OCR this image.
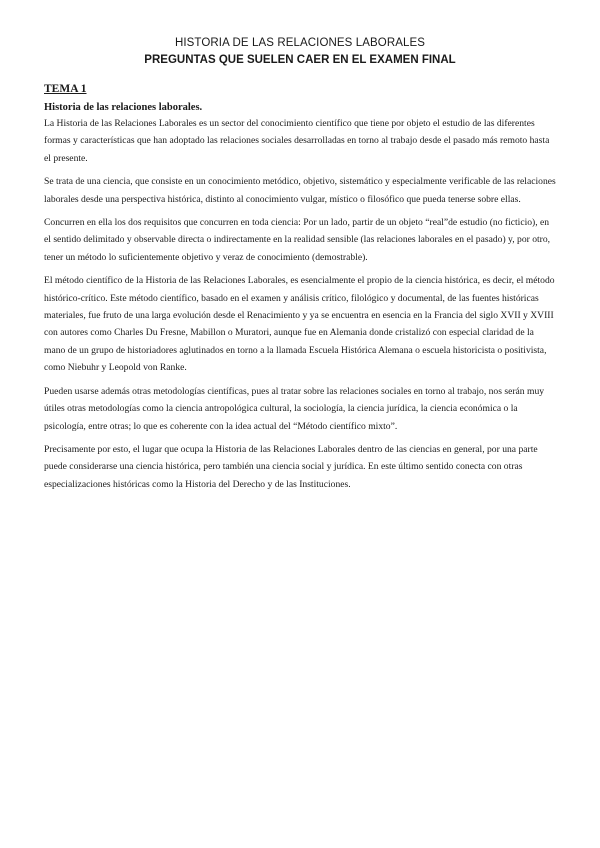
HISTORIA DE LAS RELACIONES LABORALES
PREGUNTAS QUE SUELEN CAER EN EL EXAMEN FINAL
TEMA 1
Historia de las relaciones laborales.

La Historia de las Relaciones Laborales es un sector del conocimiento científico que tiene por objeto el estudio de las diferentes formas y características que han adoptado las relaciones sociales desarrolladas en torno al trabajo desde el pasado más remoto hasta el presente.

Se trata de una ciencia, que consiste en un conocimiento metódico, objetivo, sistemático y especialmente verificable de las relaciones laborales desde una perspectiva histórica, distinto al conocimiento vulgar, místico o filosófico que pueda tenerse sobre ellas.

Concurren en ella los dos requisitos que concurren en toda ciencia: Por un lado, partir de un objeto “real”de estudio (no ficticio), en el sentido delimitado y observable directa o indirectamente en la realidad sensible (las relaciones laborales en el pasado) y, por otro, tener un método lo suficientemente objetivo y veraz de conocimiento (demostrable).

El método científico de la Historia de las Relaciones Laborales, es esencialmente el propio de la ciencia histórica, es decir, el método histórico-crítico. Este método científico, basado en el examen y análisis crítico, filológico y documental, de las fuentes históricas materiales, fue fruto de una larga evolución desde el Renacimiento y ya se encuentra en esencia en la Francia del siglo XVII y XVIII con autores como Charles Du Fresne, Mabillon o Muratori, aunque fue en Alemania donde cristalizó con especial claridad de la mano de un grupo de historiadores aglutinados en torno a la llamada Escuela Histórica Alemana o escuela historicista o positivista, como Niebuhr y Leopold von Ranke.

Pueden usarse además otras metodologías científicas, pues al tratar sobre las relaciones sociales en torno al trabajo, nos serán muy útiles otras metodologías como la ciencia antropológica cultural, la sociología, la ciencia jurídica, la ciencia económica o la psicología, entre otras; lo que es coherente con la idea actual del “Método científico mixto”.

Precisamente por esto, el lugar que ocupa la Historia de las Relaciones Laborales dentro de las ciencias en general, por una parte puede considerarse una ciencia histórica, pero también una ciencia social y jurídica. En este último sentido conecta con otras especializaciones históricas como la Historia del Derecho y de las Instituciones.
